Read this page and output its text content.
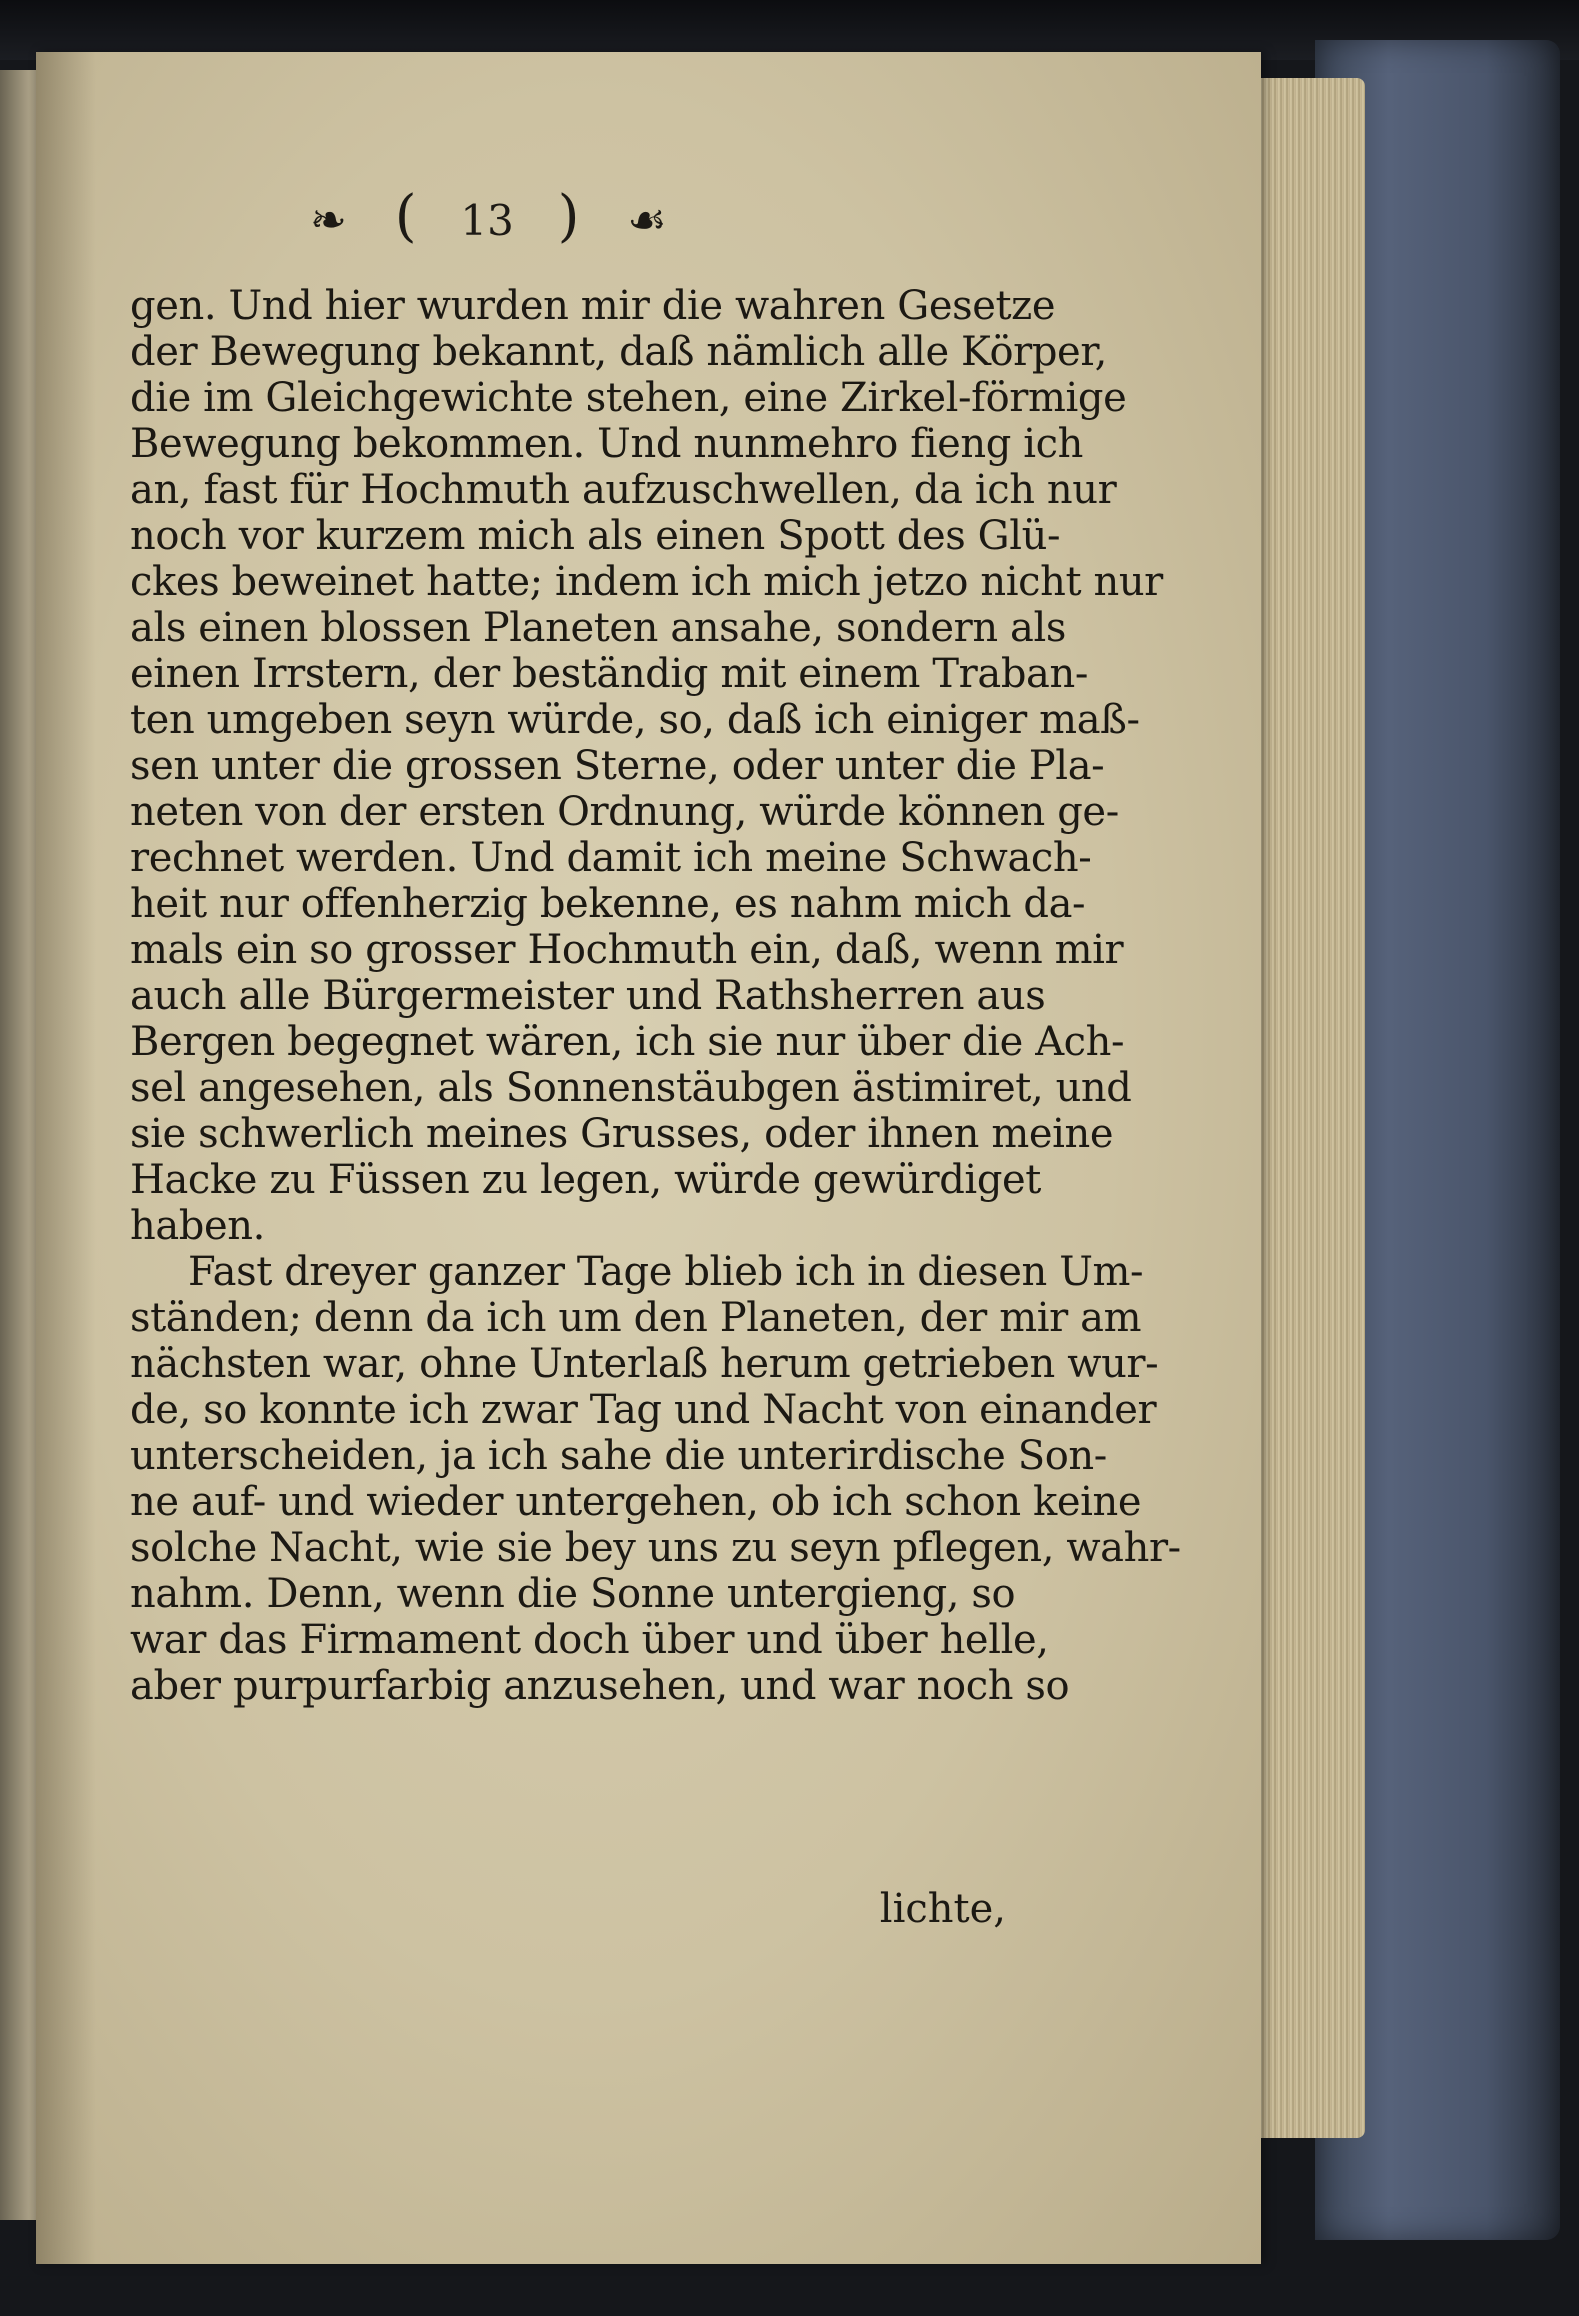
❧ ( 13 ) ☙
gen. Und hier wurden mir die wahren Gesetze
der Bewegung bekannt, daß nämlich alle Körper,
die im Gleichgewichte stehen, eine Zirkel-förmige
Bewegung bekommen. Und nunmehro fieng ich
an, fast für Hochmuth aufzuschwellen, da ich nur
noch vor kurzem mich als einen Spott des Glü-
ckes beweinet hatte; indem ich mich jetzo nicht nur
als einen blossen Planeten ansahe, sondern als
einen Irrstern, der beständig mit einem Traban-
ten umgeben seyn würde, so, daß ich einiger maß-
sen unter die grossen Sterne, oder unter die Pla-
neten von der ersten Ordnung, würde können ge-
rechnet werden. Und damit ich meine Schwach-
heit nur offenherzig bekenne, es nahm mich da-
mals ein so grosser Hochmuth ein, daß, wenn mir
auch alle Bürgermeister und Rathsherren aus
Bergen begegnet wären, ich sie nur über die Ach-
sel angesehen, als Sonnenstäubgen ästimiret, und
sie schwerlich meines Grusses, oder ihnen meine
Hacke zu Füssen zu legen, würde gewürdiget
haben.
Fast dreyer ganzer Tage blieb ich in diesen Um-
ständen; denn da ich um den Planeten, der mir am
nächsten war, ohne Unterlaß herum getrieben wur-
de, so konnte ich zwar Tag und Nacht von einander
unterscheiden, ja ich sahe die unterirdische Son-
ne auf- und wieder untergehen, ob ich schon keine
solche Nacht, wie sie bey uns zu seyn pflegen, wahr-
nahm. Denn, wenn die Sonne untergieng, so
war das Firmament doch über und über helle,
aber purpurfarbig anzusehen, und war noch so
lichte,
